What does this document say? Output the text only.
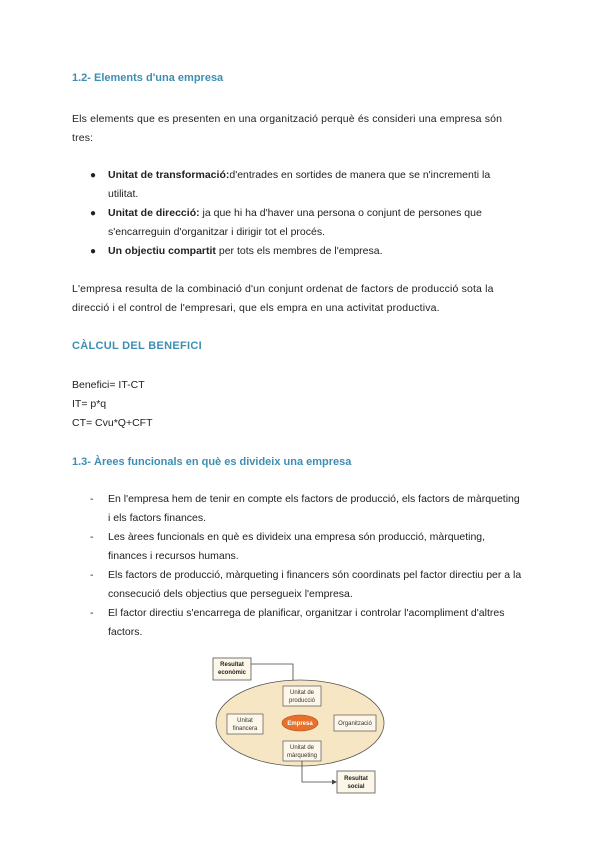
1.2- Elements d'una empresa
Els elements que es presenten en una organització perquè és consideri una empresa són tres:
● Unitat de transformació:d'entrades en sortides de manera que se n'incrementi la utilitat.
● Unitat de direcció: ja que hi ha d'haver una persona o conjunt de persones que s'encarreguin d'organitzar i dirigir tot el procés.
● Un objectiu compartit per tots els membres de l'empresa.
L'empresa resulta de la combinació d'un conjunt ordenat de factors de producció sota la direcció i el control de l'empresari, que els empra en una activitat productiva.
CÀLCUL DEL BENEFICI
Benefici= IT-CT
IT= p*q
CT= Cvu*Q+CFT
1.3- Àrees funcionals en què es divideix una empresa
- En l'empresa hem de tenir en compte els factors de producció, els factors de màrqueting i els factors finances.
- Les àrees funcionals en què es divideix una empresa són producció, màrqueting, finances i recursos humans.
- Els factors de producció, màrqueting i financers són coordinats pel factor directiu per a la consecució dels objectius que persegueix l'empresa.
- El factor directiu s'encarrega de planificar, organitzar i controlar l'acompliment d'altres factors.
Resultat
econòmic
Unitat de
producció
Unitat
financera
Empresa	Organització
Unitat de
màrqueting
Resultat
social
